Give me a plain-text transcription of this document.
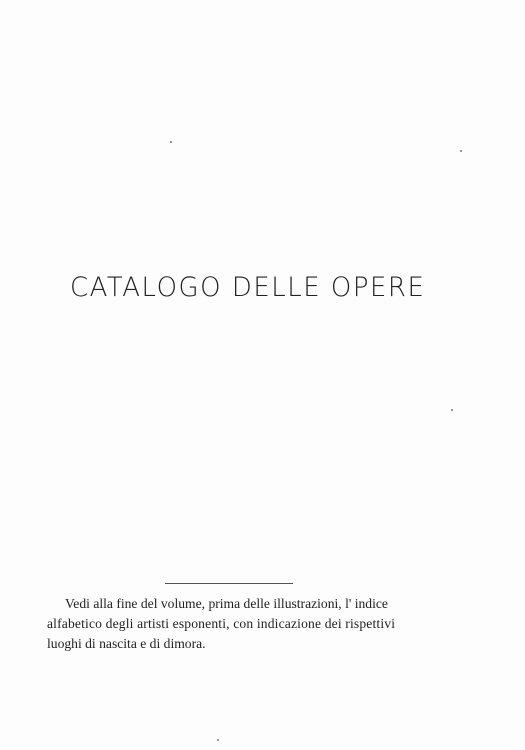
CATALOGO DELLE OPERE
Vedi alla fine del volume, prima delle illustrazioni, l' indice
alfabetico degli artisti esponenti, con indicazione dei rispettivi
luoghi di nascita e di dimora.
